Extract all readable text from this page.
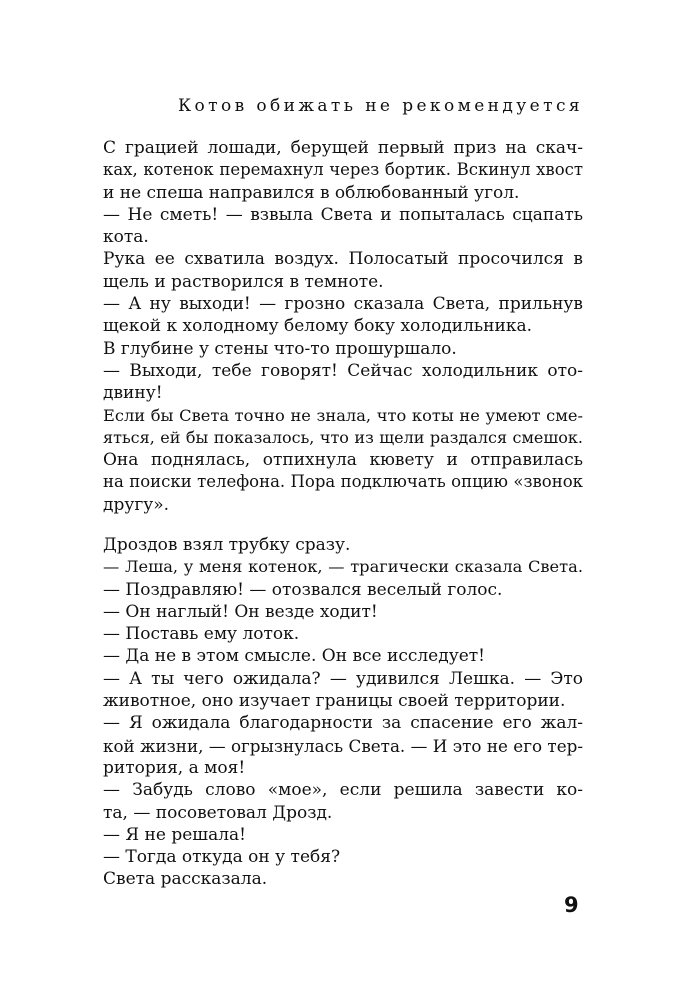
Котов обижать не рекомендуется
С грацией лошади, берущей первый приз на скач-
ках, котенок перемахнул через бортик. Вскинул хвост
и не спеша направился в облюбованный угол.
— Не сметь! — взвыла Света и попыталась сцапать
кота.
Рука ее схватила воздух. Полосатый просочился в
щель и растворился в темноте.
— А ну выходи! — грозно сказала Света, прильнув
щекой к холодному белому боку холодильника.
В глубине у стены что-то прошуршало.
— Выходи, тебе говорят! Сейчас холодильник ото-
двину!
Если бы Света точно не знала, что коты не умеют сме-
яться, ей бы показалось, что из щели раздался смешок.
Она поднялась, отпихнула кювету и отправилась
на поиски телефона. Пора подключать опцию «звонок
другу».
Дроздов взял трубку сразу.
— Леша, у меня котенок, — трагически сказала Света.
— Поздравляю! — отозвался веселый голос.
— Он наглый! Он везде ходит!
— Поставь ему лоток.
— Да не в этом смысле. Он все исследует!
— А ты чего ожидала? — удивился Лешка. — Это
животное, оно изучает границы своей территории.
— Я ожидала благодарности за спасение его жал-
кой жизни, — огрызнулась Света. — И это не его тер-
ритория, а моя!
— Забудь слово «мое», если решила завести ко-
та, — посоветовал Дрозд.
— Я не решала!
— Тогда откуда он у тебя?
Света рассказала.
9
